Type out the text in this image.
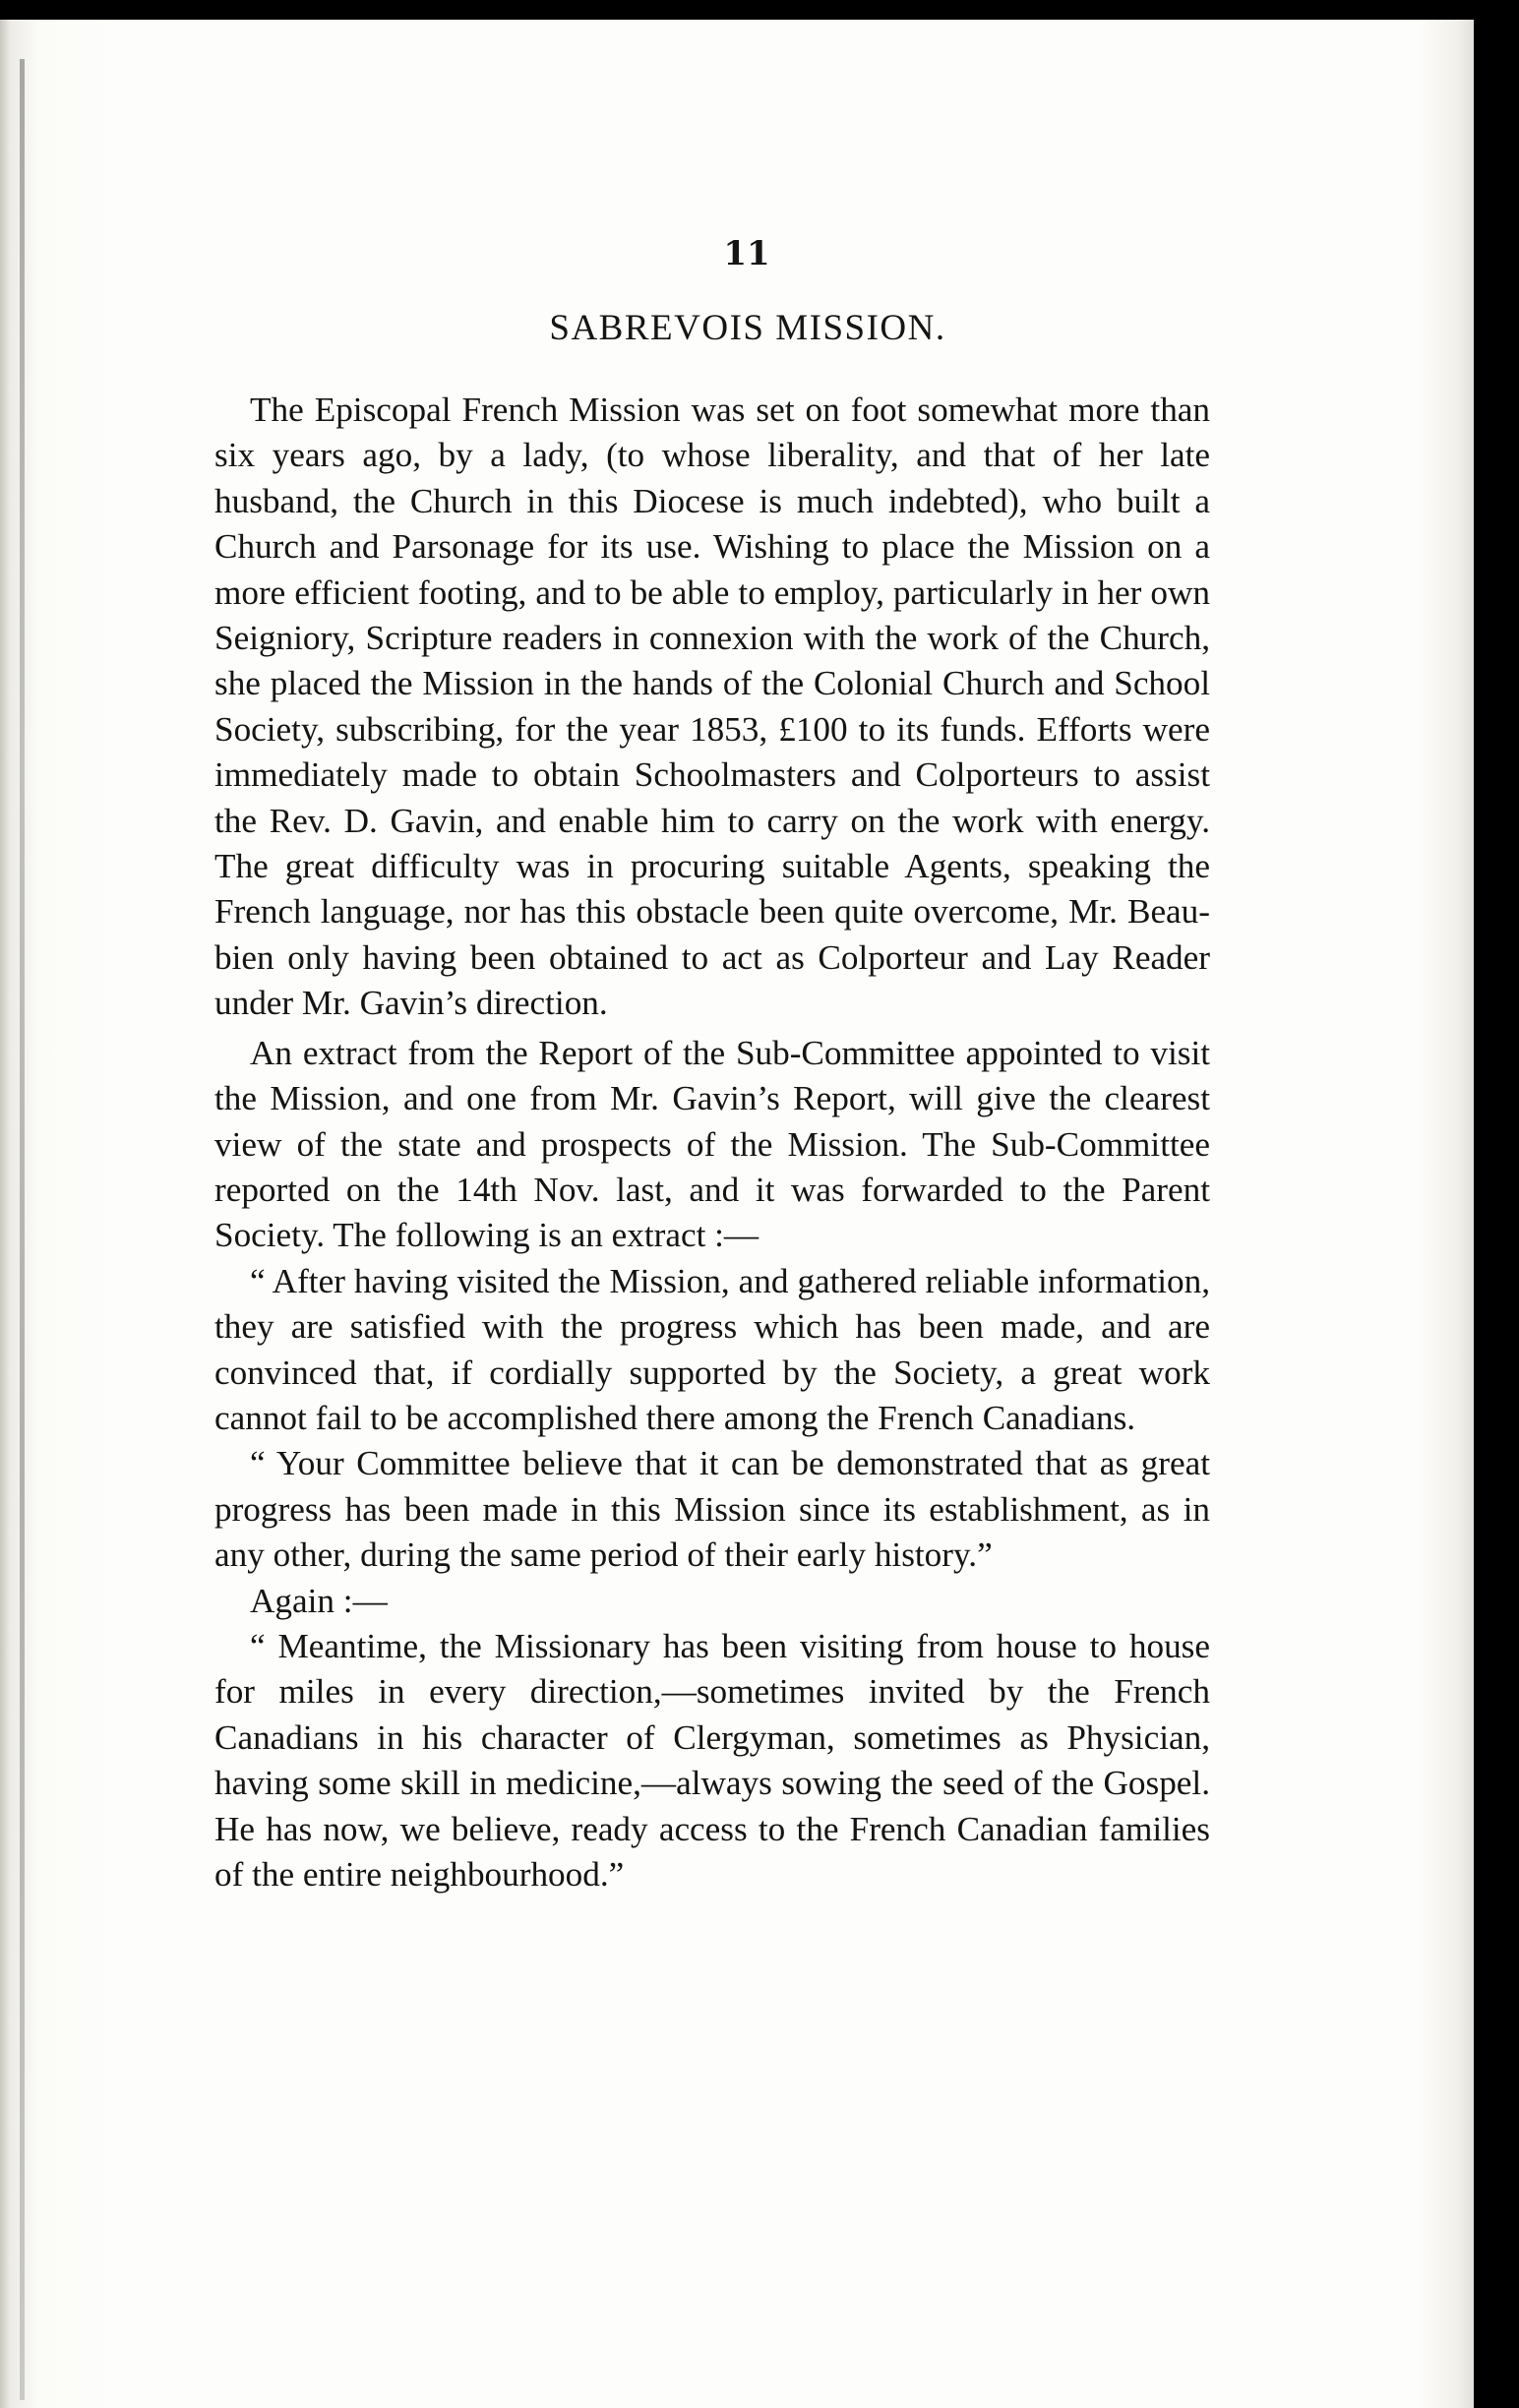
11
SABREVOIS MISSION.

The Episcopal French Mission was set on foot somewhat more than six years ago, by a lady, (to whose liberality, and that of her late husband, the Church in this Diocese is much indebted), who built a Church and Parsonage for its use. Wishing to place the Mission on a more efficient footing, and to be able to employ, particularly in her own Seigniory, Scripture readers in connexion with the work of the Church, she placed the Mission in the hands of the Colonial Church and School Society, subscribing, for the year 1853, £100 to its funds. Efforts were immediately made to obtain Schoolmasters and Colporteurs to assist the Rev. D. Gavin, and enable him to carry on the work with energy. The great difficulty was in procuring suitable Agents, speaking the French language, nor has this obstacle been quite overcome, Mr. Beaubien only having been obtained to act as Colporteur and Lay Reader under Mr. Gavin’s direction.

An extract from the Report of the Sub-Committee appointed to visit the Mission, and one from Mr. Gavin’s Report, will give the clearest view of the state and prospects of the Mission. The Sub-Committee reported on the 14th Nov. last, and it was forwarded to the Parent Society. The following is an extract :—

“ After having visited the Mission, and gathered reliable information, they are satisfied with the progress which has been made, and are convinced that, if cordially supported by the Society, a great work cannot fail to be accomplished there among the French Canadians.

“ Your Committee believe that it can be demonstrated that as great progress has been made in this Mission since its establishment, as in any other, during the same period of their early history.”

Again :—

“ Meantime, the Missionary has been visiting from house to house for miles in every direction,—sometimes invited by the French Canadians in his character of Clergyman, sometimes as Physician, having some skill in medicine,—always sowing the seed of the Gospel. He has now, we believe, ready access to the French Canadian families of the entire neighbourhood.”
